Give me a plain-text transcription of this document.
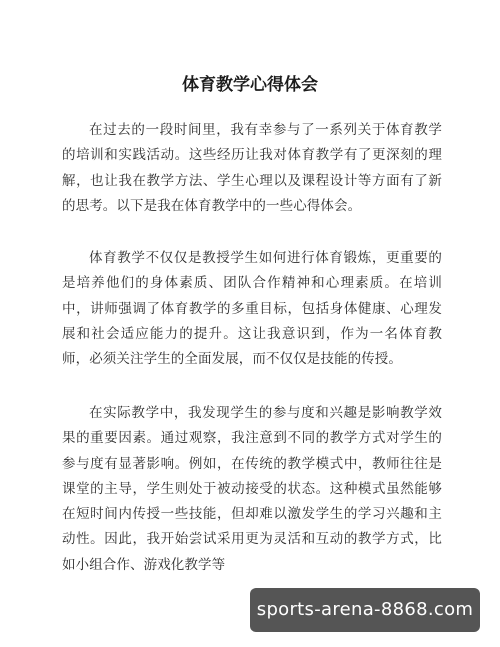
体育教学心得体会

在过去的一段时间里，我有幸参与了一系列关于体育教学的培训和实践活动。这些经历让我对体育教学有了更深刻的理解，也让我在教学方法、学生心理以及课程设计等方面有了新的思考。以下是我在体育教学中的一些心得体会。

体育教学不仅仅是教授学生如何进行体育锻炼，更重要的是培养他们的身体素质、团队合作精神和心理素质。在培训中，讲师强调了体育教学的多重目标，包括身体健康、心理发展和社会适应能力的提升。这让我意识到，作为一名体育教师，必须关注学生的全面发展，而不仅仅是技能的传授。

在实际教学中，我发现学生的参与度和兴趣是影响教学效果的重要因素。通过观察，我注意到不同的教学方式对学生的参与度有显著影响。例如，在传统的教学模式中，教师往往是课堂的主导，学生则处于被动接受的状态。这种模式虽然能够在短时间内传授一些技能，但却难以激发学生的学习兴趣和主动性。因此，我开始尝试采用更为灵活和互动的教学方式，比如小组合作、游戏化教学等

sports-arena-8868.com
